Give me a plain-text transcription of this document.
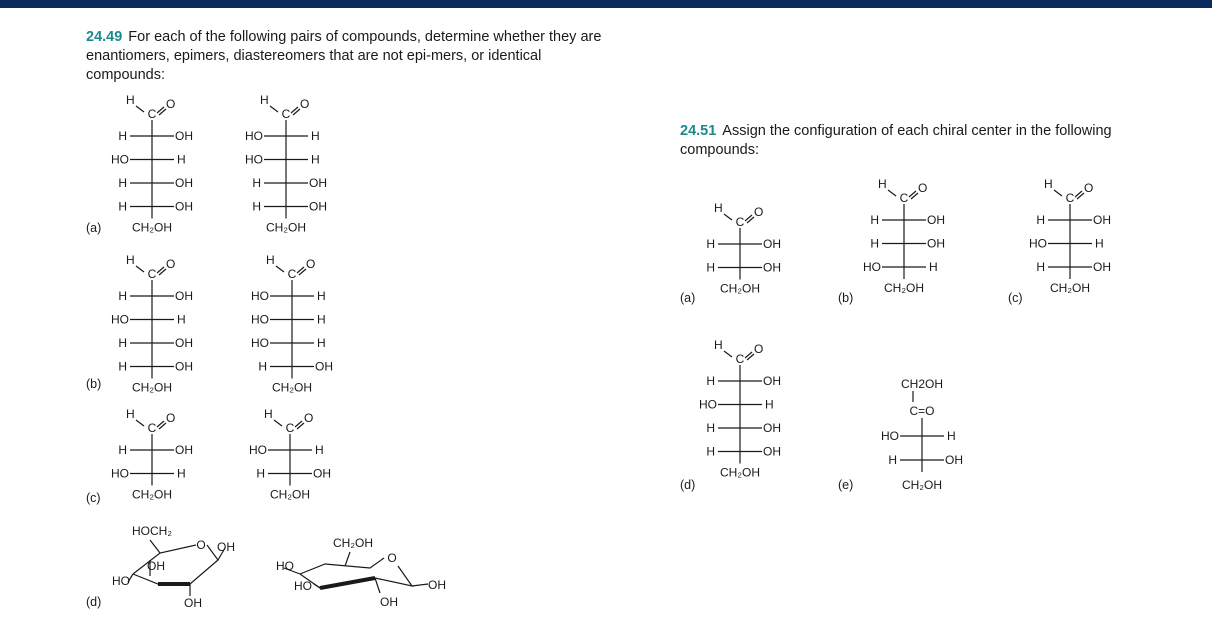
24.49 For each of the following pairs of compounds, determine whether they are enantiomers, epimers, diastereomers that are not epi-mers, or identical compounds:
24.51 Assign the configuration of each chiral center in the following compounds:
H
C
O
H	OH
HO	H
H	OH
H	OH
CH₂OH
H
C
O
HO	H
HO	H
H	OH
H	OH
CH₂OH
(a)
H
C
O
H	OH
HO	H
H	OH
H	OH
CH₂OH
H
C
O
HO	H
HO	H
HO	H
H	OH
CH₂OH
(b)
H
C
O
H	OH
HO	H
CH₂OH
H
C
O
HO	H
H	OH
CH₂OH
(c)
HOCH₂
O OH
OH
HO
OH
CH₂OH
O
HO
HO
OH
OH
(d)
H
C
O
H	OH
H	OH
CH₂OH
(a)
H
C
O
H	OH
H	OH
HO	H
CH₂OH
(b)
H
C
O
H	OH
HO	H
H	OH
CH₂OH
(c)
H
C
O
H	OH
HO	H
H	OH
H	OH
CH₂OH
(d)
CH2OH
C=O
HO	H
H	OH
CH₂OH
(e)
